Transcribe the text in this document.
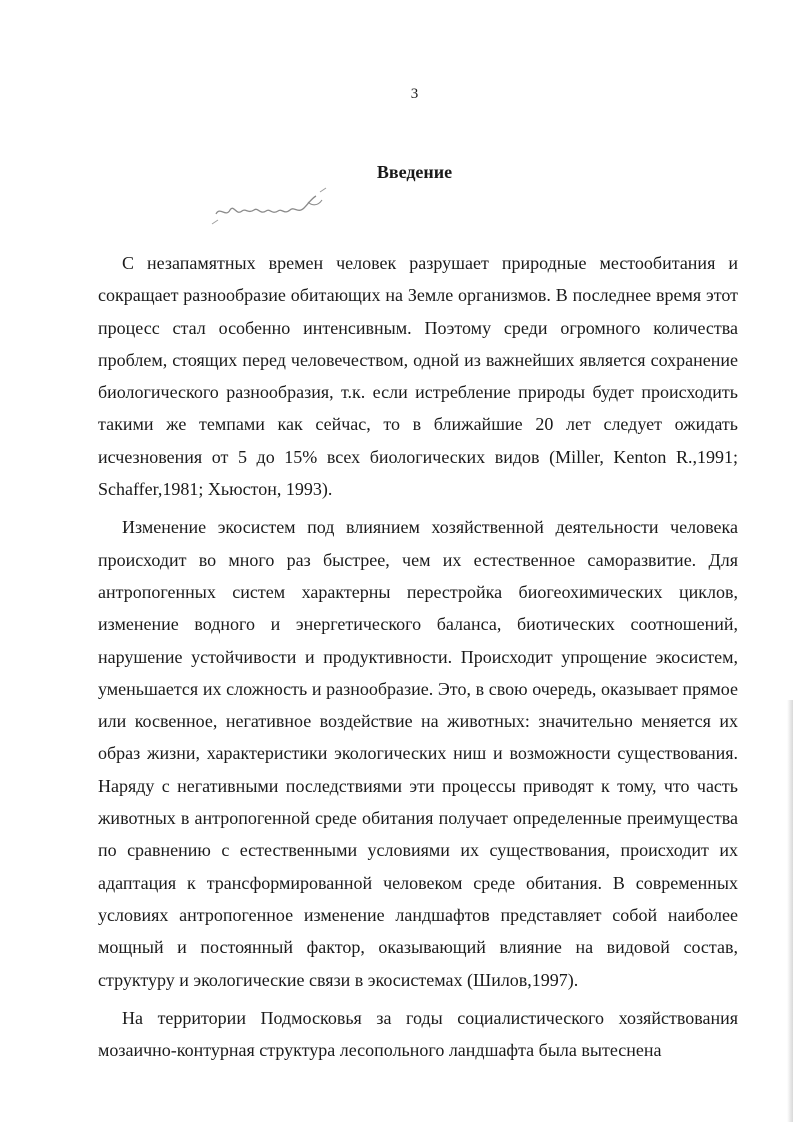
3
Введение

С незапамятных времен человек разрушает природные местообитания и сокращает разнообразие обитающих на Земле организмов. В последнее время этот процесс стал особенно интенсивным. Поэтому среди огромного количества проблем, стоящих перед человечеством, одной из важнейших является сохранение биологического разнообразия, т.к. если истребление природы будет происходить такими же темпами как сейчас, то в ближайшие 20 лет следует ожидать исчезновения от 5 до 15% всех биологических видов (Miller, Kenton R.,1991; Schaffer,1981; Хьюстон, 1993).

Изменение экосистем под влиянием хозяйственной деятельности человека происходит во много раз быстрее, чем их естественное саморазвитие. Для антропогенных систем характерны перестройка биогеохимических циклов, изменение водного и энергетического баланса, биотических соотношений, нарушение устойчивости и продуктивности. Происходит упрощение экосистем, уменьшается их сложность и разнообразие. Это, в свою очередь, оказывает прямое или косвенное, негативное воздействие на животных: значительно меняется их образ жизни, характеристики экологических ниш и возможности существования. Наряду с негативными последствиями эти процессы приводят к тому, что часть животных в антропогенной среде обитания получает определенные преимущества по сравнению с естественными условиями их существования, происходит их адаптация к трансформированной человеком среде обитания. В современных условиях антропогенное изменение ландшафтов представляет собой наиболее мощный и постоянный фактор, оказывающий влияние на видовой состав, структуру и экологические связи в экосистемах (Шилов,1997).

На территории Подмосковья за годы социалистического хозяйствования мозаично-контурная структура лесопольного ландшафта была вытеснена
